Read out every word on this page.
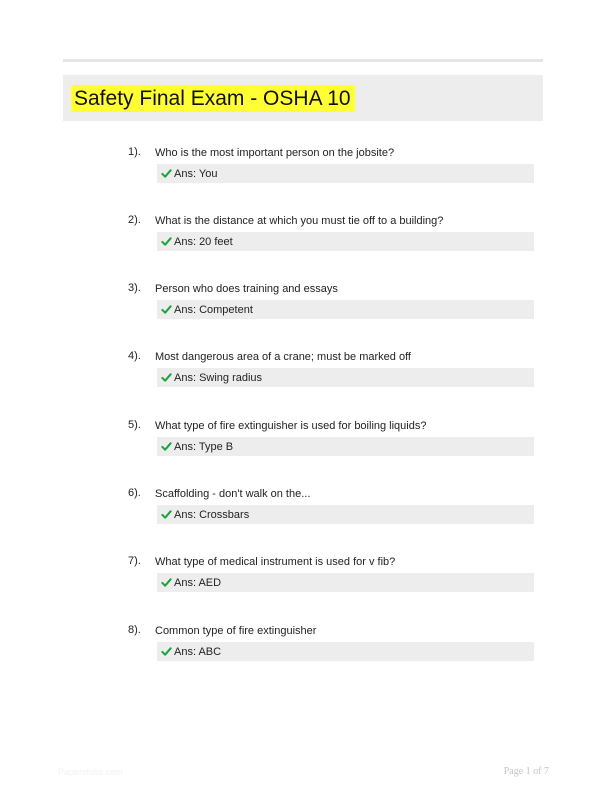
Safety Final Exam - OSHA 10
1). Who is the most important person on the jobsite?
Ans: You
2). What is the distance at which you must tie off to a building?
Ans: 20 feet
3). Person who does training and essays
Ans: Competent
4). Most dangerous area of a crane; must be marked off
Ans: Swing radius
5). What type of fire extinguisher is used for boiling liquids?
Ans: Type B
6). Scaffolding - don't walk on the...
Ans: Crossbars
7). What type of medical instrument is used for v fib?
Ans: AED
8). Common type of fire extinguisher
Ans: ABC
Papersfolio.com	Page 1 of 7
